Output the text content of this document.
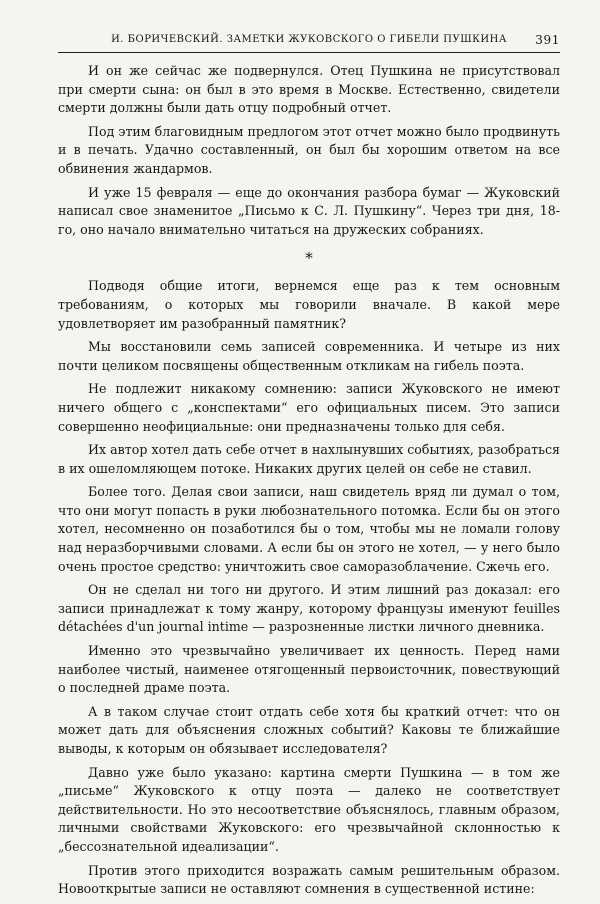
И. БОРИЧЕВСКИЙ. ЗАМЕТКИ ЖУКОВСКОГО О ГИБЕЛИ ПУШКИНА 391

И он же сейчас же подвернулся. Отец Пушкина не присутствовал при смерти сына: он был в это время в Москве. Естественно, свидетели смерти должны были дать отцу подробный отчет.

Под этим благовидным предлогом этот отчет можно было продвинуть и в печать. Удачно составленный, он был бы хорошим ответом на все обвинения жандармов.

И уже 15 февраля — еще до окончания разбора бумаг — Жуковский написал свое знаменитое „Письмо к С. Л. Пушкину“. Через три дня, 18-го, оно начало внимательно читаться на дружеских собраниях.

*

Подводя общие итоги, вернемся еще раз к тем основным требованиям, о которых мы говорили вначале. В какой мере удовлетворяет им разобранный памятник?

Мы восстановили семь записей современника. И четыре из них почти целиком посвящены общественным откликам на гибель поэта.

Не подлежит никакому сомнению: записи Жуковского не имеют ничего общего с „конспектами“ его официальных писем. Это записи совершенно неофициальные: они предназначены только для себя.

Их автор хотел дать себе отчет в нахлынувших событиях, разобраться в их ошеломляющем потоке. Никаких других целей он себе не ставил.

Более того. Делая свои записи, наш свидетель вряд ли думал о том, что они могут попасть в руки любознательного потомка. Если бы он этого хотел, несомненно он позаботился бы о том, чтобы мы не ломали голову над неразборчивыми словами. А если бы он этого не хотел, — у него было очень простое средство: уничтожить свое саморазоблачение. Сжечь его.

Он не сделал ни того ни другого. И этим лишний раз доказал: его записи принадлежат к тому жанру, которому французы именуют feuilles détachées d'un journal intime — разрозненные листки личного дневника.

Именно это чрезвычайно увеличивает их ценность. Перед нами наиболее чистый, наименее отягощенный первоисточник, повествующий о последней драме поэта.

А в таком случае стоит отдать себе хотя бы краткий отчет: что он может дать для объяснения сложных событий? Каковы те ближайшие выводы, к которым он обязывает исследователя?

Давно уже было указано: картина смерти Пушкина — в том же „письме“ Жуковского к отцу поэта — далеко не соответствует действительности. Но это несоответствие объяснялось, главным образом, личными свойствами Жуковского: его чрезвычайной склонностью к „бессознательной идеализации“.

Против этого приходится возражать самым решительным образом. Новооткрытые записи не оставляют сомнения в существенной истине:
